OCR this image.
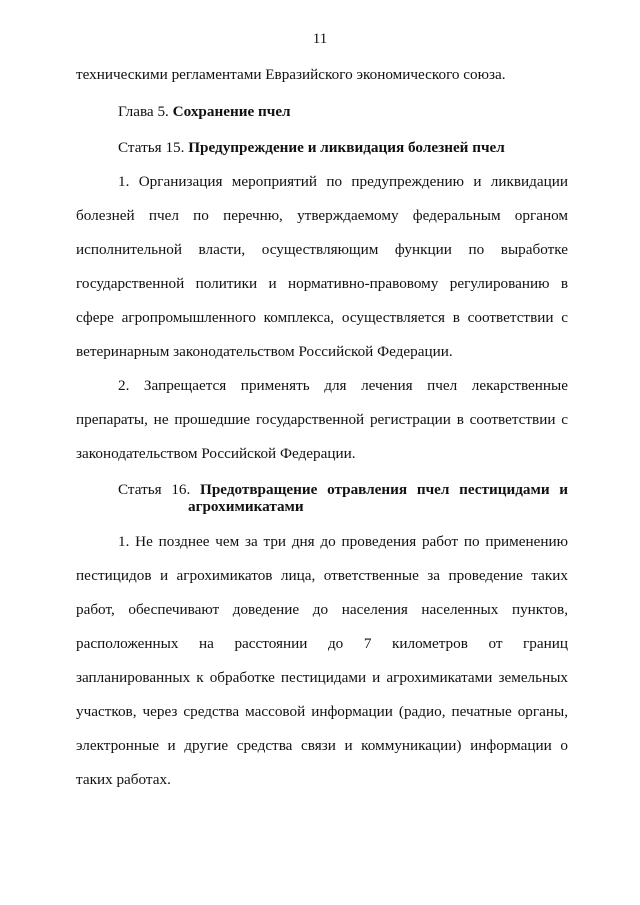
11
техническими регламентами Евразийского экономического союза.
Глава 5. Сохранение пчел
Статья 15. Предупреждение и ликвидация болезней пчел
1. Организация мероприятий по предупреждению и ликвидации
болезней пчел по перечню, утверждаемому федеральным органом
исполнительной власти, осуществляющим функции по выработке
государственной политики и нормативно-правовому регулированию в
сфере агропромышленного комплекса, осуществляется в соответствии с
ветеринарным законодательством Российской Федерации.
2. Запрещается применять для лечения пчел лекарственные
препараты, не прошедшие государственной регистрации в соответствии с
законодательством Российской Федерации.
Статья 16. Предотвращение отравления пчел пестицидами и
агрохимикатами
1. Не позднее чем за три дня до проведения работ по применению
пестицидов и агрохимикатов лица, ответственные за проведение таких
работ, обеспечивают доведение до населения населенных пунктов,
расположенных на расстоянии до 7 километров от границ
запланированных к обработке пестицидами и агрохимикатами земельных
участков, через средства массовой информации (радио, печатные органы,
электронные и другие средства связи и коммуникации) информации о
таких работах.
